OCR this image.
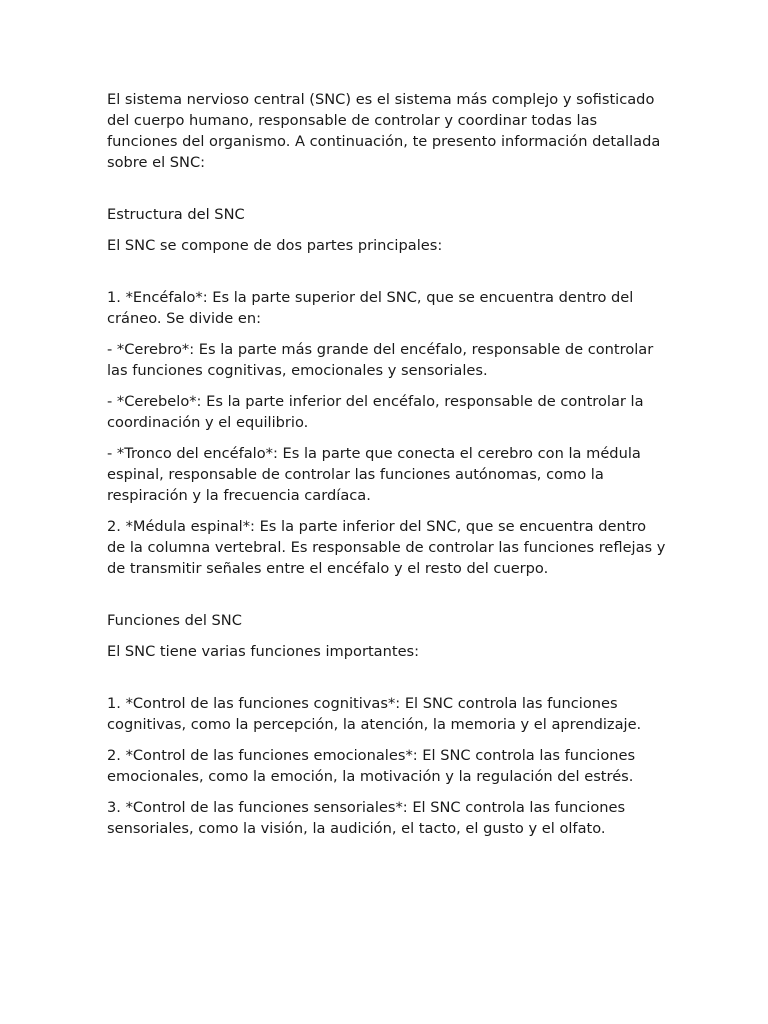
El sistema nervioso central (SNC) es el sistema más complejo y sofisticado del cuerpo humano, responsable de controlar y coordinar todas las funciones del organismo. A continuación, te presento información detallada sobre el SNC:

Estructura del SNC

El SNC se compone de dos partes principales:

1. *Encéfalo*: Es la parte superior del SNC, que se encuentra dentro del cráneo. Se divide en:

- *Cerebro*: Es la parte más grande del encéfalo, responsable de controlar las funciones cognitivas, emocionales y sensoriales.

- *Cerebelo*: Es la parte inferior del encéfalo, responsable de controlar la coordinación y el equilibrio.

- *Tronco del encéfalo*: Es la parte que conecta el cerebro con la médula espinal, responsable de controlar las funciones autónomas, como la respiración y la frecuencia cardíaca.

2. *Médula espinal*: Es la parte inferior del SNC, que se encuentra dentro de la columna vertebral. Es responsable de controlar las funciones reflejas y de transmitir señales entre el encéfalo y el resto del cuerpo.

Funciones del SNC

El SNC tiene varias funciones importantes:

1. *Control de las funciones cognitivas*: El SNC controla las funciones cognitivas, como la percepción, la atención, la memoria y el aprendizaje.

2. *Control de las funciones emocionales*: El SNC controla las funciones emocionales, como la emoción, la motivación y la regulación del estrés.

3. *Control de las funciones sensoriales*: El SNC controla las funciones sensoriales, como la visión, la audición, el tacto, el gusto y el olfato.
